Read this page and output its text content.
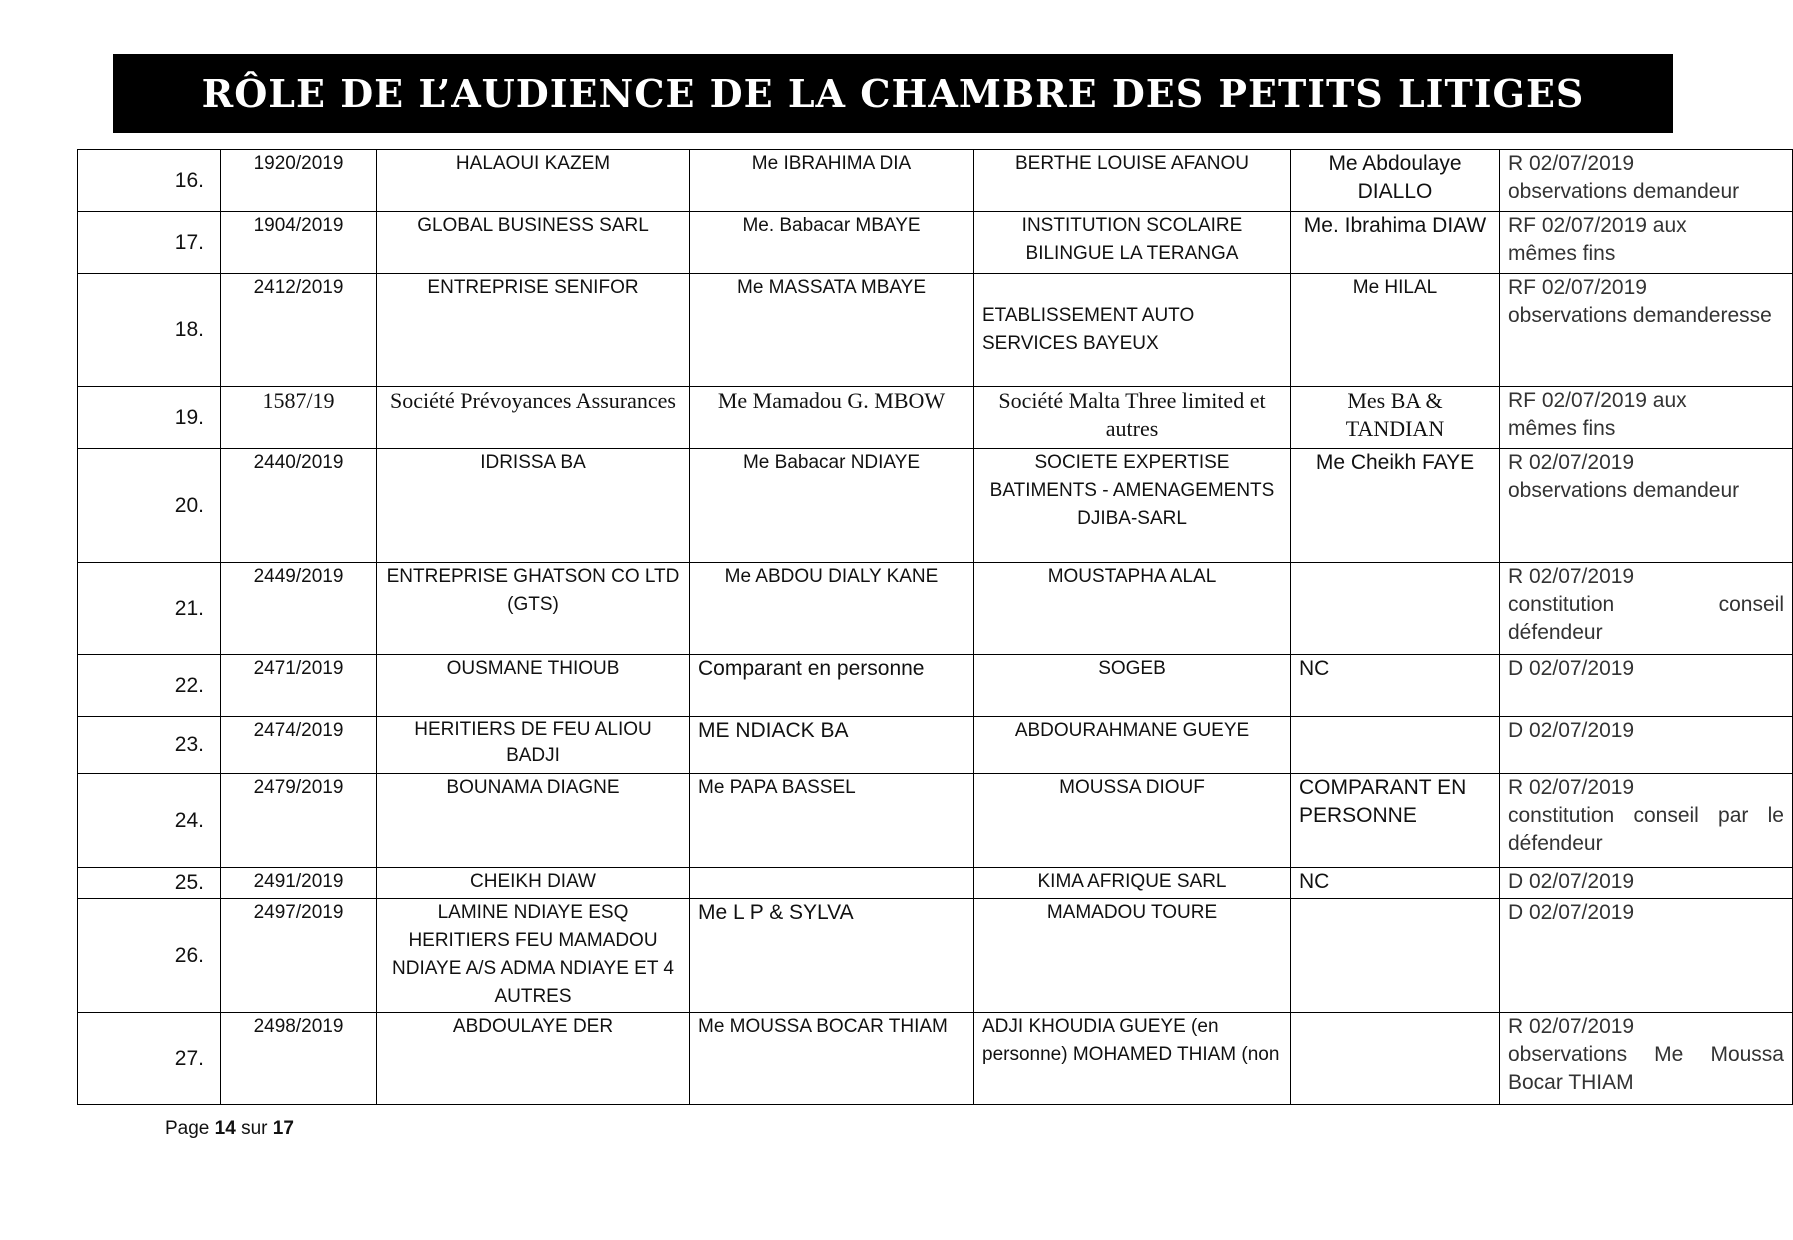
RÔLE DE L’AUDIENCE DE LA CHAMBRE DES PETITS LITIGES
16.	1920/2019	HALAOUI KAZEM	Me IBRAHIMA DIA	BERTHE LOUISE AFANOU	Me Abdoulaye DIALLO	R 02/07/2019
observations demandeur

17.	1904/2019	GLOBAL BUSINESS SARL	Me. Babacar MBAYE	INSTITUTION SCOLAIRE BILINGUE LA TERANGA	Me. Ibrahima DIAW	RF 02/07/2019 aux
mêmes fins

18.	2412/2019	ENTREPRISE SENIFOR	Me MASSATA MBAYE	ETABLISSEMENT AUTO SERVICES BAYEUX	Me HILAL	RF 02/07/2019
observations demanderesse

19.	1587/19	Société Prévoyances Assurances	Me Mamadou G. MBOW	Société Malta Three limited et autres	Mes BA & TANDIAN	RF 02/07/2019 aux
mêmes fins

20.	2440/2019	IDRISSA BA	Me Babacar NDIAYE	SOCIETE EXPERTISE BATIMENTS - AMENAGEMENTS DJIBA-SARL	Me Cheikh FAYE	R 02/07/2019
observations demandeur

21.	2449/2019	ENTREPRISE GHATSON CO LTD (GTS)	Me ABDOU DIALY KANE	MOUSTAPHA ALAL		R 02/07/2019
constitution conseil défendeur

22.	2471/2019	OUSMANE THIOUB	Comparant en personne	SOGEB	NC	D 02/07/2019

23.	2474/2019	HERITIERS DE FEU ALIOU BADJI	ME NDIACK BA	ABDOURAHMANE GUEYE		D 02/07/2019

24.	2479/2019	BOUNAMA DIAGNE	Me PAPA BASSEL	MOUSSA DIOUF	COMPARANT EN PERSONNE	R 02/07/2019
constitution conseil par le défendeur

25.	2491/2019	CHEIKH DIAW		KIMA AFRIQUE SARL	NC	D 02/07/2019

26.	2497/2019	LAMINE NDIAYE ESQ HERITIERS FEU MAMADOU NDIAYE A/S ADMA NDIAYE ET 4 AUTRES	Me L P & SYLVA	MAMADOU TOURE		D 02/07/2019

27.	2498/2019	ABDOULAYE DER	Me MOUSSA BOCAR THIAM	ADJI KHOUDIA GUEYE (en personne) MOHAMED THIAM (non		R 02/07/2019
observations Me Moussa Bocar THIAM
Page 14 sur 17
